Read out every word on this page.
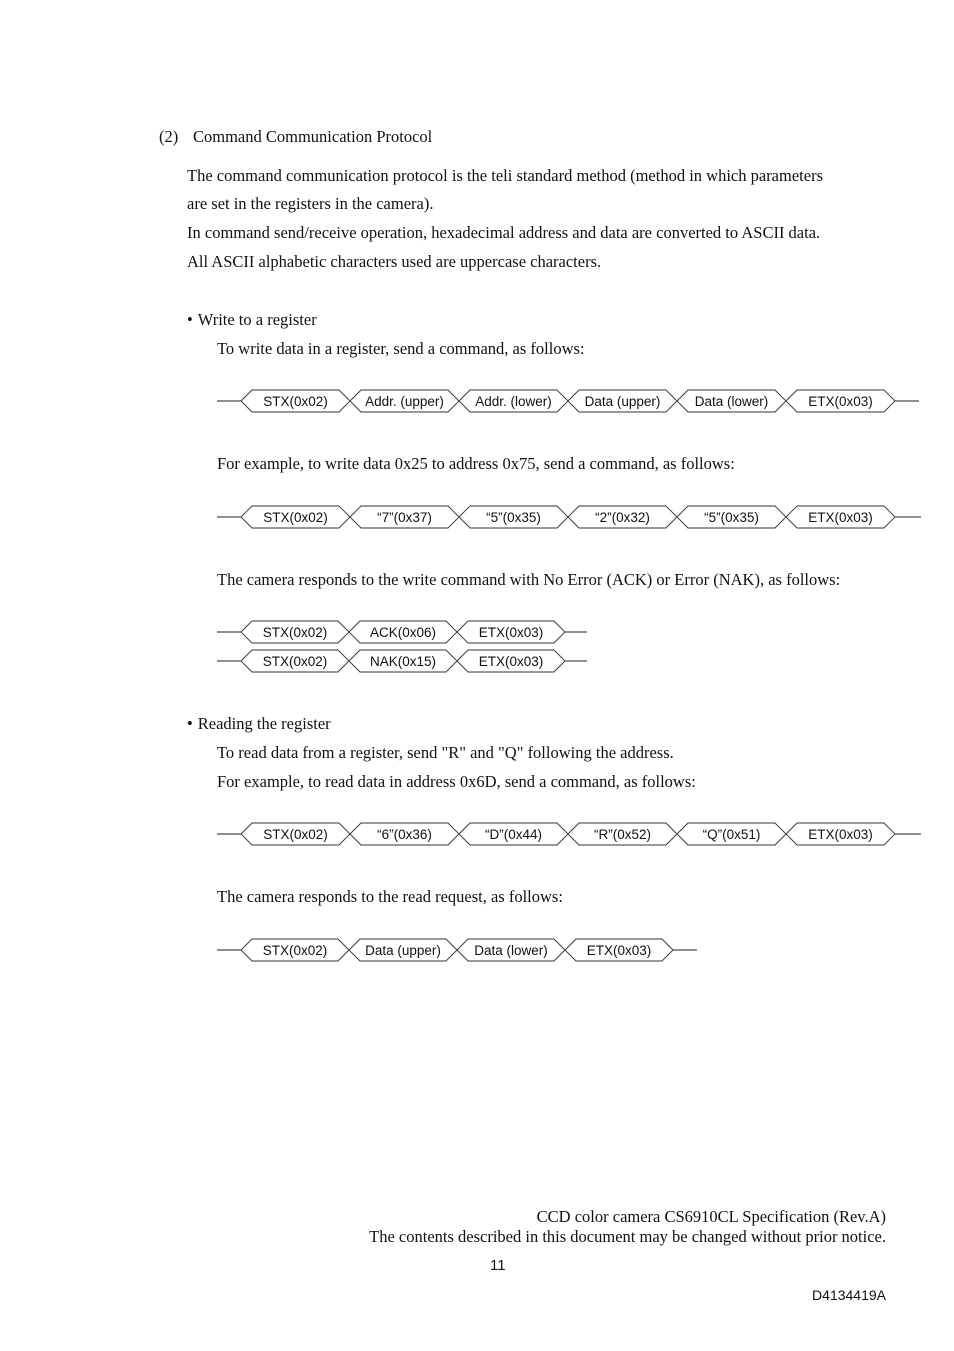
(2) Command Communication Protocol
The command communication protocol is the teli standard method (method in which parameters
are set in the registers in the camera).
In command send/receive operation, hexadecimal address and data are converted to ASCII data.
All ASCII alphabetic characters used are uppercase characters.
• Write to a register
To write data in a register, send a command, as follows:
STX(0x02)	Addr. (upper) Addr. (lower) Data (upper)	Data (lower)	ETX(0x03)
For example, to write data 0x25 to address 0x75, send a command, as follows:
STX(0x02)	“7”(0x37)	“5”(0x35)	“2”(0x32)	“5”(0x35)	ETX(0x03)
The camera responds to the write command with No Error (ACK) or Error (NAK), as follows:
STX(0x02)	ACK(0x06)	ETX(0x03)
STX(0x02)	NAK(0x15)	ETX(0x03)
• Reading the register
To read data from a register, send "R" and "Q" following the address.
For example, to read data in address 0x6D, send a command, as follows:
STX(0x02)	“6”(0x36)	“D”(0x44)	“R”(0x52)	“Q”(0x51)	ETX(0x03)
The camera responds to the read request, as follows:
STX(0x02)	Data (upper) Data (lower)	ETX(0x03)
CCD color camera CS6910CL Specification (Rev.A)
The contents described in this document may be changed without prior notice.
11
D4134419A
